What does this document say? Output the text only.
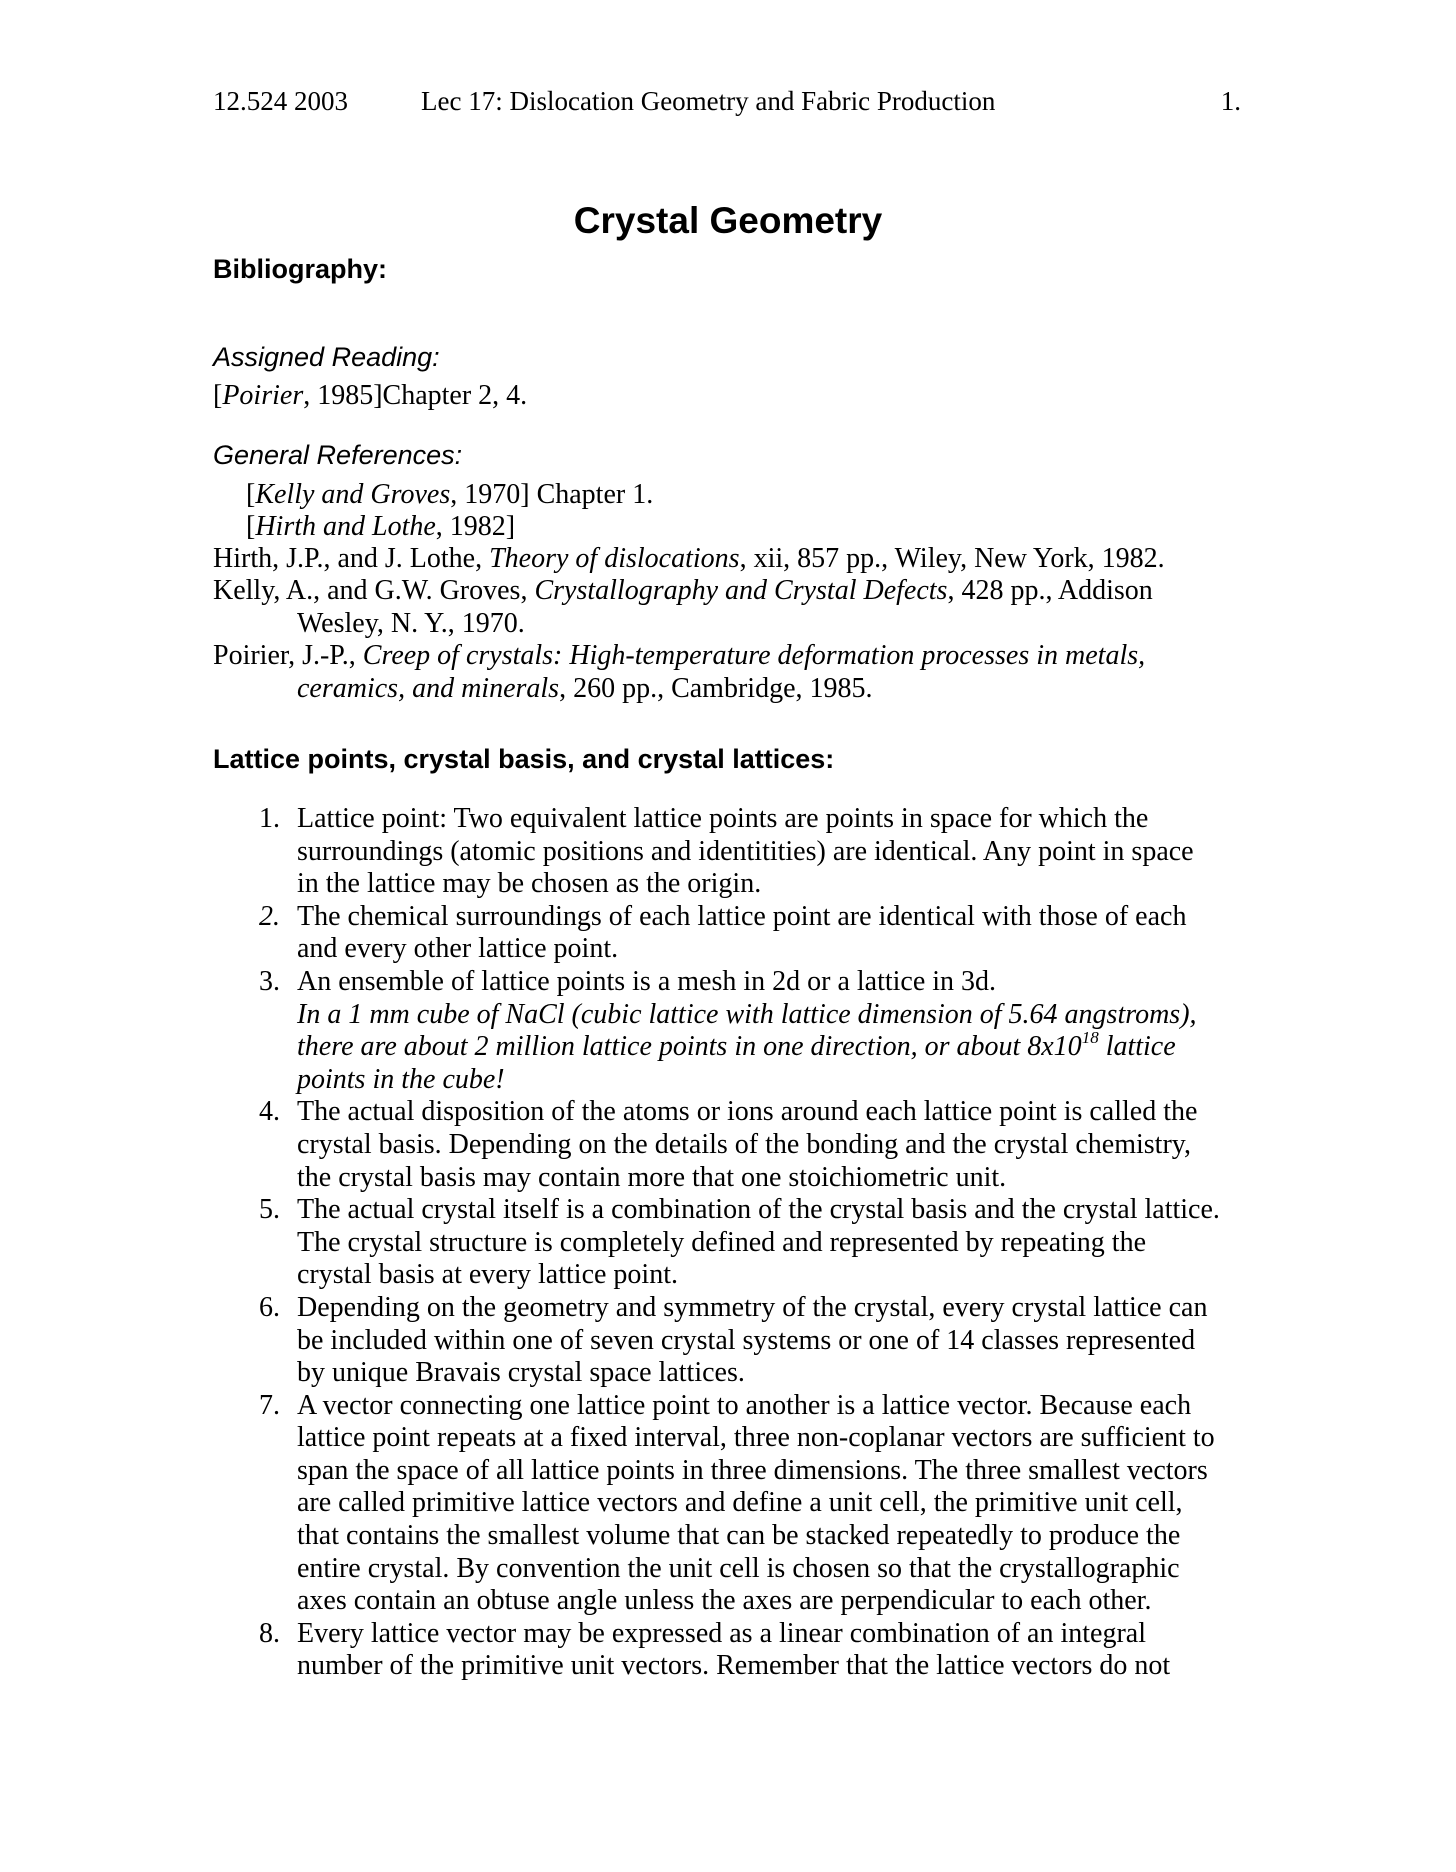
12.524 2003	Lec 17: Dislocation Geometry and Fabric Production	1.
Crystal Geometry
Bibliography:
Assigned Reading:
[Poirier, 1985]Chapter 2, 4.
General References:
[Kelly and Groves, 1970] Chapter 1.
[Hirth and Lothe, 1982]
Hirth, J.P., and J. Lothe, Theory of dislocations, xii, 857 pp., Wiley, New York, 1982.
Kelly, A., and G.W. Groves, Crystallography and Crystal Defects, 428 pp., Addison
Wesley, N. Y., 1970.
Poirier, J.-P., Creep of crystals: High-temperature deformation processes in metals,
ceramics, and minerals, 260 pp., Cambridge, 1985.
Lattice points, crystal basis, and crystal lattices:
1. Lattice point: Two equivalent lattice points are points in space for which the
surroundings (atomic positions and identitities) are identical. Any point in space
in the lattice may be chosen as the origin.
2. The chemical surroundings of each lattice point are identical with those of each
and every other lattice point.
3. An ensemble of lattice points is a mesh in 2d or a lattice in 3d.
In a 1 mm cube of NaCl (cubic lattice with lattice dimension of 5.64 angstroms),
there are about 2 million lattice points in one direction, or about $8x10^{18}$ lattice
points in the cube!
4. The actual disposition of the atoms or ions around each lattice point is called the
crystal basis. Depending on the details of the bonding and the crystal chemistry,
the crystal basis may contain more that one stoichiometric unit.
5. The actual crystal itself is a combination of the crystal basis and the crystal lattice.
The crystal structure is completely defined and represented by repeating the
crystal basis at every lattice point.
6. Depending on the geometry and symmetry of the crystal, every crystal lattice can
be included within one of seven crystal systems or one of 14 classes represented
by unique Bravais crystal space lattices.
7. A vector connecting one lattice point to another is a lattice vector. Because each
lattice point repeats at a fixed interval, three non-coplanar vectors are sufficient to
span the space of all lattice points in three dimensions. The three smallest vectors
are called primitive lattice vectors and define a unit cell, the primitive unit cell,
that contains the smallest volume that can be stacked repeatedly to produce the
entire crystal. By convention the unit cell is chosen so that the crystallographic
axes contain an obtuse angle unless the axes are perpendicular to each other.
8. Every lattice vector may be expressed as a linear combination of an integral
number of the primitive unit vectors. Remember that the lattice vectors do not
